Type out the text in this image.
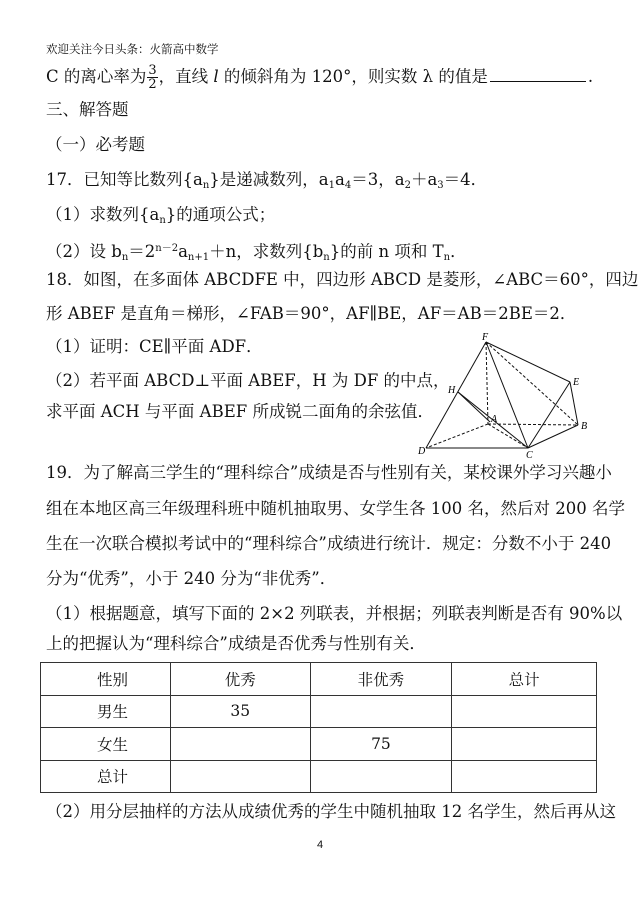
欢迎关注今日头条：火箭高中数学
C 的离心率为 $\frac{3}{2}$ ，直线 l 的倾斜角为 120°，则实数 λ 的值是	.
三、解答题
（一）必考题
17．已知等比数列$\{a_n\}$是递减数列，$a_1a_4=3$，$a_2+a_3=4$．
（1）求数列$\{a_n\}$的通项公式；
（2）设 $b_n=2^{n-2}a_{n+1}+n$，求数列$\{b_n\}$的前 n 项和 $T_n$．
18．如图，在多面体 ABCDFE 中，四边形 ABCD 是菱形，∠ABC＝60°，四边
形 ABEF 是直角＝梯形，∠FAB＝90°，AF∥BE，AF＝AB＝2BE＝2．
（1）证明：CE∥平面 ADF．
（2）若平面 ABCD⊥平面 ABEF，H 为 DF 的中点，
求平面 ACH 与平面 ABEF 所成锐二面角的余弦值．
F
E
H
A
B
C
D
19．为了解高三学生的“理科综合”成绩是否与性别有关，某校课外学习兴趣小
组在本地区高三年级理科班中随机抽取男、女学生各 100 名，然后对 200 名学
生在一次联合模拟考试中的“理科综合”成绩进行统计．规定：分数不小于 240
分为“优秀”，小于 240 分为“非优秀”．
（1）根据题意，填写下面的 2×2 列联表，并根据；列联表判断是否有 90%以
上的把握认为“理科综合”成绩是否优秀与性别有关．
性别	优秀	非优秀	总计
男生	35		
女生		75	
总计			
（2）用分层抽样的方法从成绩优秀的学生中随机抽取 12 名学生，然后再从这
4
